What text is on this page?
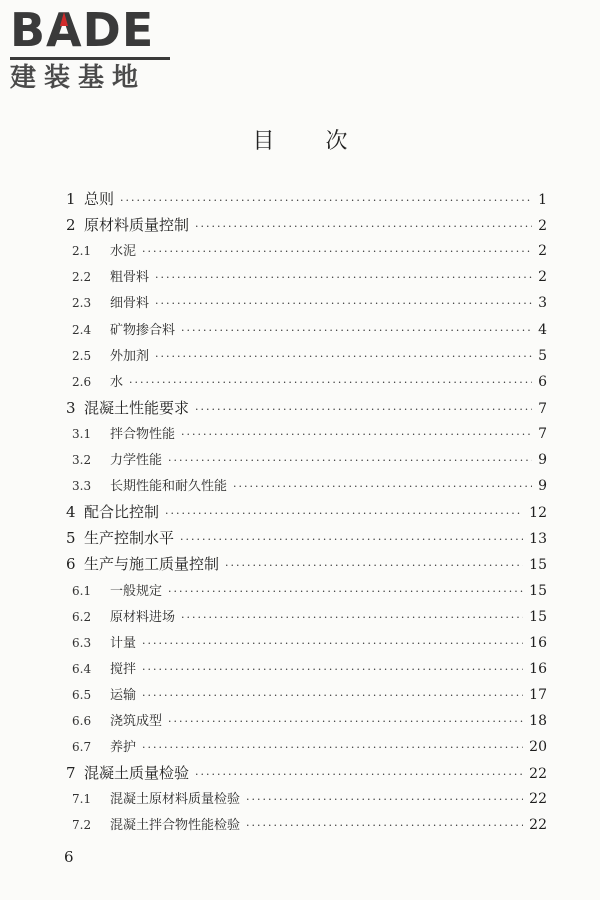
BADE
建装基地
目 次
1 总则 ·····	1
2 原材料质量控制 ·····	2
2.1 水泥 ·····	2
2.2 粗骨料 ·····	2
2.3 细骨料 ·····	3
2.4 矿物掺合料 ·····	4
2.5 外加剂 ·····	5
2.6 水 ·····	6
3 混凝土性能要求 ·····	7
3.1 拌合物性能 ·····	7
3.2 力学性能 ·····	9
3.3 长期性能和耐久性能 ·····	9
4 配合比控制 ·····	12
5 生产控制水平 ·····	13
6 生产与施工质量控制 ·····	15
6.1 一般规定 ·····	15
6.2 原材料进场 ·····	15
6.3 计量 ·····	16
6.4 搅拌 ·····	16
6.5 运输 ·····	17
6.6 浇筑成型 ·····	18
6.7 养护 ·····	20
7 混凝土质量检验 ·····	22
7.1 混凝土原材料质量检验 ·····	22
7.2 混凝土拌合物性能检验 ·····	22
6
